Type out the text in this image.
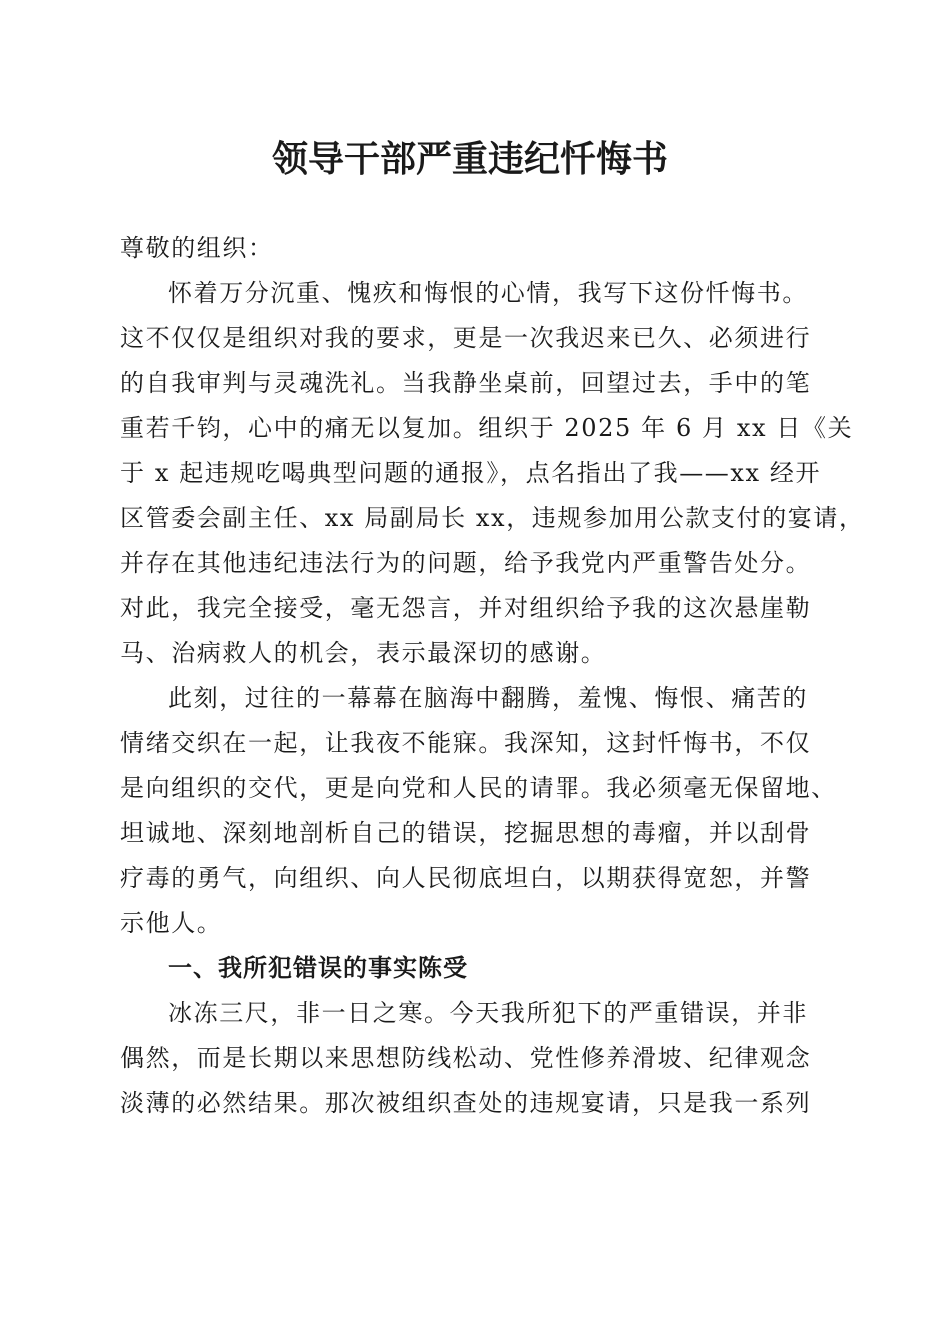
领导干部严重违纪忏悔书
尊敬的组织：
怀着万分沉重、愧疚和悔恨的心情，我写下这份忏悔书。
这不仅仅是组织对我的要求，更是一次我迟来已久、必须进行
的自我审判与灵魂洗礼。当我静坐桌前，回望过去，手中的笔
重若千钧，心中的痛无以复加。组织于 2025 年 6 月 xx 日《关
于 x 起违规吃喝典型问题的通报》，点名指出了我——xx 经开
区管委会副主任、xx 局副局长 xx，违规参加用公款支付的宴请，
并存在其他违纪违法行为的问题，给予我党内严重警告处分。
对此，我完全接受，毫无怨言，并对组织给予我的这次悬崖勒
马、治病救人的机会，表示最深切的感谢。
此刻，过往的一幕幕在脑海中翻腾，羞愧、悔恨、痛苦的
情绪交织在一起，让我夜不能寐。我深知，这封忏悔书，不仅
是向组织的交代，更是向党和人民的请罪。我必须毫无保留地、
坦诚地、深刻地剖析自己的错误，挖掘思想的毒瘤，并以刮骨
疗毒的勇气，向组织、向人民彻底坦白，以期获得宽恕，并警
示他人。
一、我所犯错误的事实陈受
冰冻三尺，非一日之寒。今天我所犯下的严重错误，并非
偶然，而是长期以来思想防线松动、党性修养滑坡、纪律观念
淡薄的必然结果。那次被组织查处的违规宴请，只是我一系列
